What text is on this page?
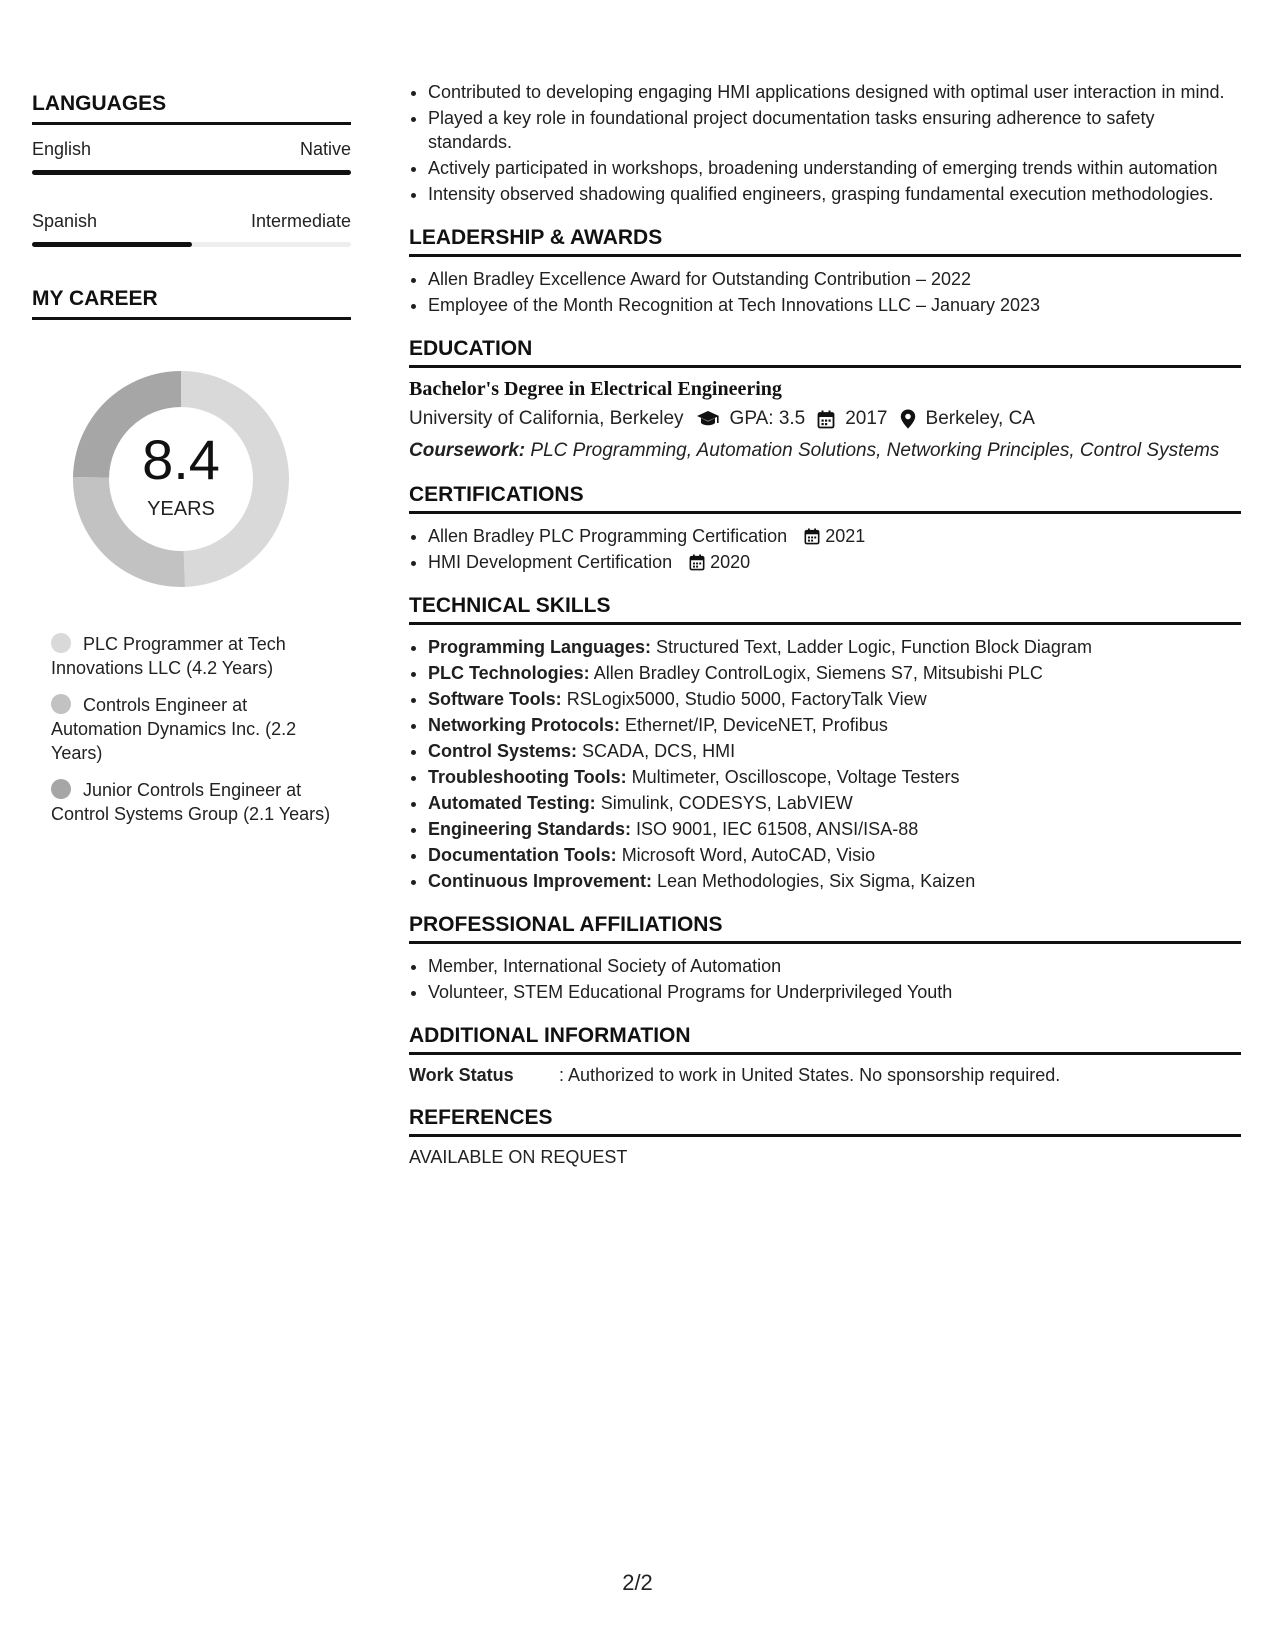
LANGUAGES
English	Native
Spanish	Intermediate
MY CAREER
8.4
YEARS
PLC Programmer at Tech Innovations LLC (4.2 Years)
Controls Engineer at Automation Dynamics Inc. (2.2 Years)
Junior Controls Engineer at Control Systems Group (2.1 Years)
• Contributed to developing engaging HMI applications designed with optimal user interaction in mind.
• Played a key role in foundational project documentation tasks ensuring adherence to safety standards.
• Actively participated in workshops, broadening understanding of emerging trends within automation
• Intensity observed shadowing qualified engineers, grasping fundamental execution methodologies.
LEADERSHIP & AWARDS
• Allen Bradley Excellence Award for Outstanding Contribution – 2022
• Employee of the Month Recognition at Tech Innovations LLC – January 2023
EDUCATION
Bachelor's Degree in Electrical Engineering
University of California, Berkeley GPA: 3.5 2017 Berkeley, CA
Coursework: PLC Programming, Automation Solutions, Networking Principles, Control Systems
CERTIFICATIONS
• Allen Bradley PLC Programming Certification 2021
• HMI Development Certification 2020
TECHNICAL SKILLS
• Programming Languages: Structured Text, Ladder Logic, Function Block Diagram
• PLC Technologies: Allen Bradley ControlLogix, Siemens S7, Mitsubishi PLC
• Software Tools: RSLogix5000, Studio 5000, FactoryTalk View
• Networking Protocols: Ethernet/IP, DeviceNET, Profibus
• Control Systems: SCADA, DCS, HMI
• Troubleshooting Tools: Multimeter, Oscilloscope, Voltage Testers
• Automated Testing: Simulink, CODESYS, LabVIEW
• Engineering Standards: ISO 9001, IEC 61508, ANSI/ISA-88
• Documentation Tools: Microsoft Word, AutoCAD, Visio
• Continuous Improvement: Lean Methodologies, Six Sigma, Kaizen
PROFESSIONAL AFFILIATIONS
• Member, International Society of Automation
• Volunteer, STEM Educational Programs for Underprivileged Youth
ADDITIONAL INFORMATION
Work Status	: Authorized to work in United States. No sponsorship required.
REFERENCES
AVAILABLE ON REQUEST
2/2
